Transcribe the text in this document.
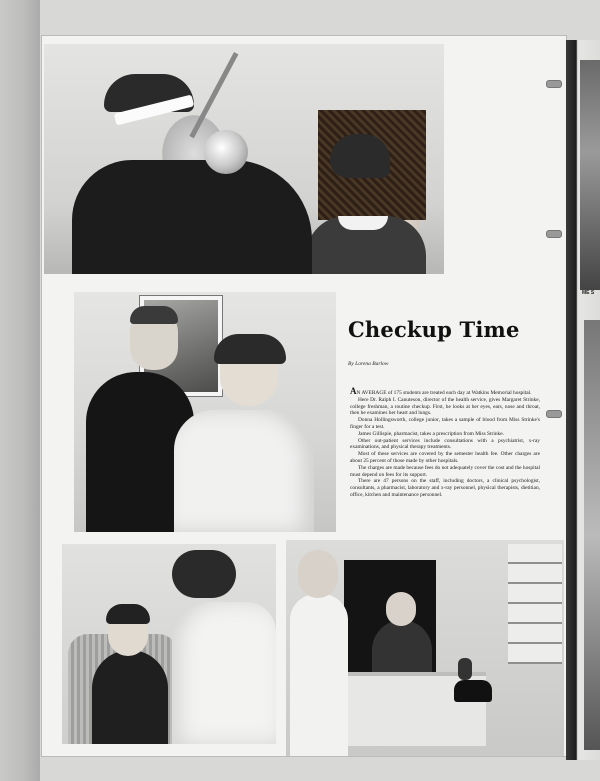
ME S
Checkup Time

By Lorena Barlow

AN AVERAGE of 175 students are treated each day at Watkins Memorial hospital.

Here Dr. Ralph I. Canuteson, director of the health service, gives Margaret Strinke, college freshman, a routine checkup. First, he looks at her eyes, ears, nose and throat, then he examines her heart and lungs.

Donna Hollingsworth, college junior, takes a sample of blood from Miss Strinke's finger for a test.

James Gillispie, pharmacist, takes a prescription from Miss Strinke.

Other out-patient services include consultations with a psychiatrist, x-ray examinations, and physical therapy treatments.

Most of these services are covered by the semester health fee. Other charges are about 25 percent of those made by other hospitals.

The charges are made because fees do not adequately cover the cost and the hospital must depend on fees for its support.

There are 47 persons on the staff, including doctors, a clinical psychologist, consultants, a pharmacist, laboratory and x-ray personnel, physical therapists, dietitian, office, kitchen and maintenance personnel.
